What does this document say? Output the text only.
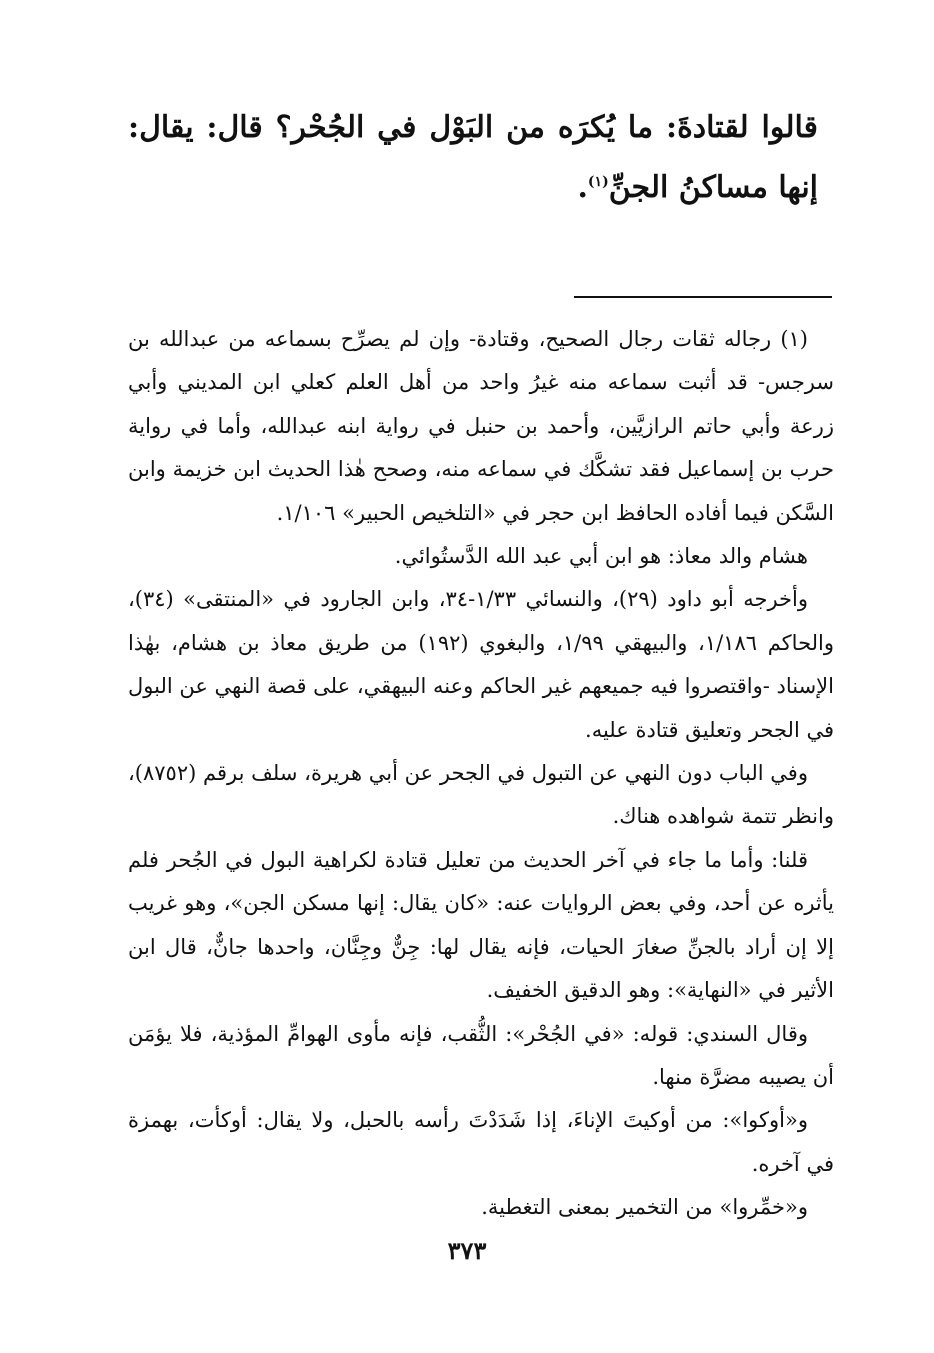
قالوا لقتادةَ: ما يُكرَه من البَوْل في الجُحْر؟ قال: يقال: إنها مساكنُ الجنِّ$^{(١)}$.

(١) رجاله ثقات رجال الصحيح، وقتادة- وإن لم يصرِّح بسماعه من عبدالله بن سرجس- قد أثبت سماعه منه غيرُ واحد من أهل العلم كعلي ابن المديني وأبي زرعة وأبي حاتم الرازيَّين، وأحمد بن حنبل في رواية ابنه عبدالله، وأما في رواية حرب بن إسماعيل فقد تشكَّك في سماعه منه، وصحح هٰذا الحديث ابن خزيمة وابن السَّكن فيما أفاده الحافظ ابن حجر في «التلخيص الحبير» ١/١٠٦.

هشام والد معاذ: هو ابن أبي عبد الله الدَّستُوائي.

وأخرجه أبو داود (٢٩)، والنسائي ١/٣٣-٣٤، وابن الجارود في «المنتقى» (٣٤)، والحاكم ١/١٨٦، والبيهقي ١/٩٩، والبغوي (١٩٢) من طريق معاذ بن هشام، بهٰذا الإسناد -واقتصروا فيه جميعهم غير الحاكم وعنه البيهقي، على قصة النهي عن البول في الجحر وتعليق قتادة عليه.

وفي الباب دون النهي عن التبول في الجحر عن أبي هريرة، سلف برقم (٨٧٥٢)، وانظر تتمة شواهده هناك.

قلنا: وأما ما جاء في آخر الحديث من تعليل قتادة لكراهية البول في الجُحر فلم يأثره عن أحد، وفي بعض الروايات عنه: «كان يقال: إنها مسكن الجن»، وهو غريب إلا إن أراد بالجنِّ صغارَ الحيات، فإنه يقال لها: جِنٌّ وجِنَّان، واحدها جانٌّ، قال ابن الأثير في «النهاية»: وهو الدقيق الخفيف.

وقال السندي: قوله: «في الجُحْر»: الثُّقب، فإنه مأوى الهوامِّ المؤذية، فلا يؤمَن أن يصيبه مضرَّة منها.

و«أوكوا»: من أوكيتَ الإناءَ، إذا شَدَدْتَ رأسه بالحبل، ولا يقال: أوكأت، بهمزة في آخره.

و«خمِّروا» من التخمير بمعنى التغطية.

٣٧٣
